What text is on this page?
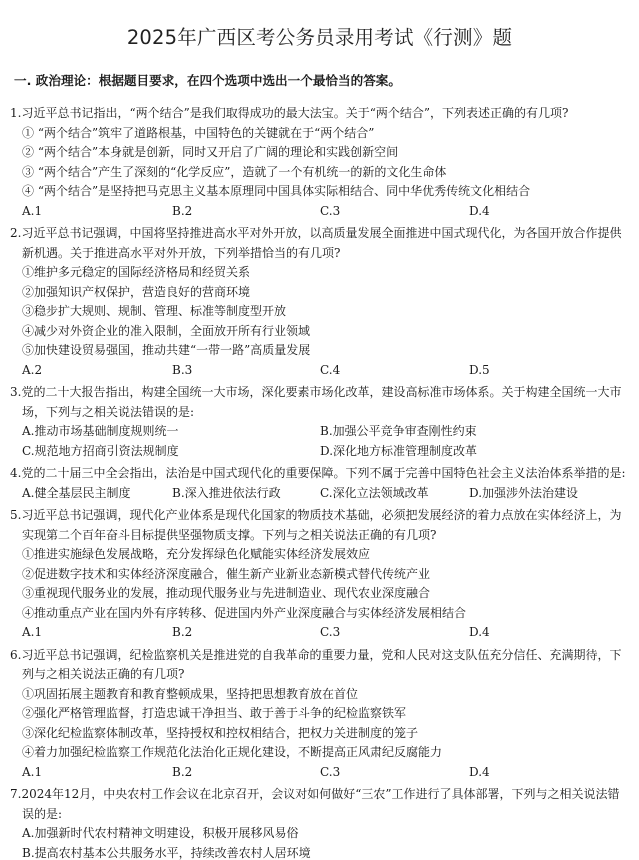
2025年广西区考公务员录用考试《行测》题
一. 政治理论：根据题目要求，在四个选项中选出一个最恰当的答案。

1.习近平总书记指出，“两个结合”是我们取得成功的最大法宝。关于“两个结合”，下列表述正确的有几项?

① “两个结合”筑牢了道路根基，中国特色的关键就在于“两个结合”

② “两个结合”本身就是创新，同时又开启了广阔的理论和实践创新空间

③ “两个结合”产生了深刻的“化学反应”，造就了一个有机统一的新的文化生命体

④ “两个结合”是坚持把马克思主义基本原理同中国具体实际相结合、同中华优秀传统文化相结合

A.1	B.2	C.3	D.4

2.习近平总书记强调，中国将坚持推进高水平对外开放，以高质量发展全面推进中国式现代化，为各国开放合作提供新机遇。关于推进高水平对外开放，下列举措恰当的有几项?

①维护多元稳定的国际经济格局和经贸关系

②加强知识产权保护，营造良好的营商环境

③稳步扩大规则、规制、管理、标准等制度型开放

④减少对外资企业的准入限制，全面放开所有行业领域

⑤加快建设贸易强国，推动共建“一带一路”高质量发展

A.2	B.3	C.4	D.5

3.党的二十大报告指出，构建全国统一大市场，深化要素市场化改革，建设高标准市场体系。关于构建全国统一大市场，下列与之相关说法错误的是:

A.推动市场基础制度规则统一	B.加强公平竞争审查刚性约束
C.规范地方招商引资法规制度	D.深化地方标准管理制度改革

4.党的二十届三中全会指出，法治是中国式现代化的重要保障。下列不属于完善中国特色社会主义法治体系举措的是:

A.健全基层民主制度	B.深入推进依法行政	C.深化立法领域改革	D.加强涉外法治建设

5.习近平总书记强调，现代化产业体系是现代化国家的物质技术基础，必须把发展经济的着力点放在实体经济上，为实现第二个百年奋斗目标提供坚强物质支撑。下列与之相关说法正确的有几项?

①推进实施绿色发展战略，充分发挥绿色化赋能实体经济发展效应

②促进数字技术和实体经济深度融合，催生新产业新业态新模式替代传统产业

③重视现代服务业的发展，推动现代服务业与先进制造业、现代农业深度融合

④推动重点产业在国内外有序转移、促进国内外产业深度融合与实体经济发展相结合

A.1	B.2	C.3	D.4

6.习近平总书记强调，纪检监察机关是推进党的自我革命的重要力量，党和人民对这支队伍充分信任、充满期待，下列与之相关说法正确的有几项?

①巩固拓展主题教育和教育整顿成果，坚持把思想教育放在首位

②强化严格管理监督，打造忠诚干净担当、敢于善于斗争的纪检监察铁军

③深化纪检监察体制改革，坚持授权和控权相结合，把权力关进制度的笼子

④着力加强纪检监察工作规范化法治化正规化建设，不断提高正风肃纪反腐能力

A.1	B.2	C.3	D.4

7.2024年12月，中央农村工作会议在北京召开，会议对如何做好“三农”工作进行了具体部署，下列与之相关说法错误的是:

A.加强新时代农村精神文明建设，积极开展移风易俗

B.提高农村基本公共服务水平，持续改善农村人居环境
